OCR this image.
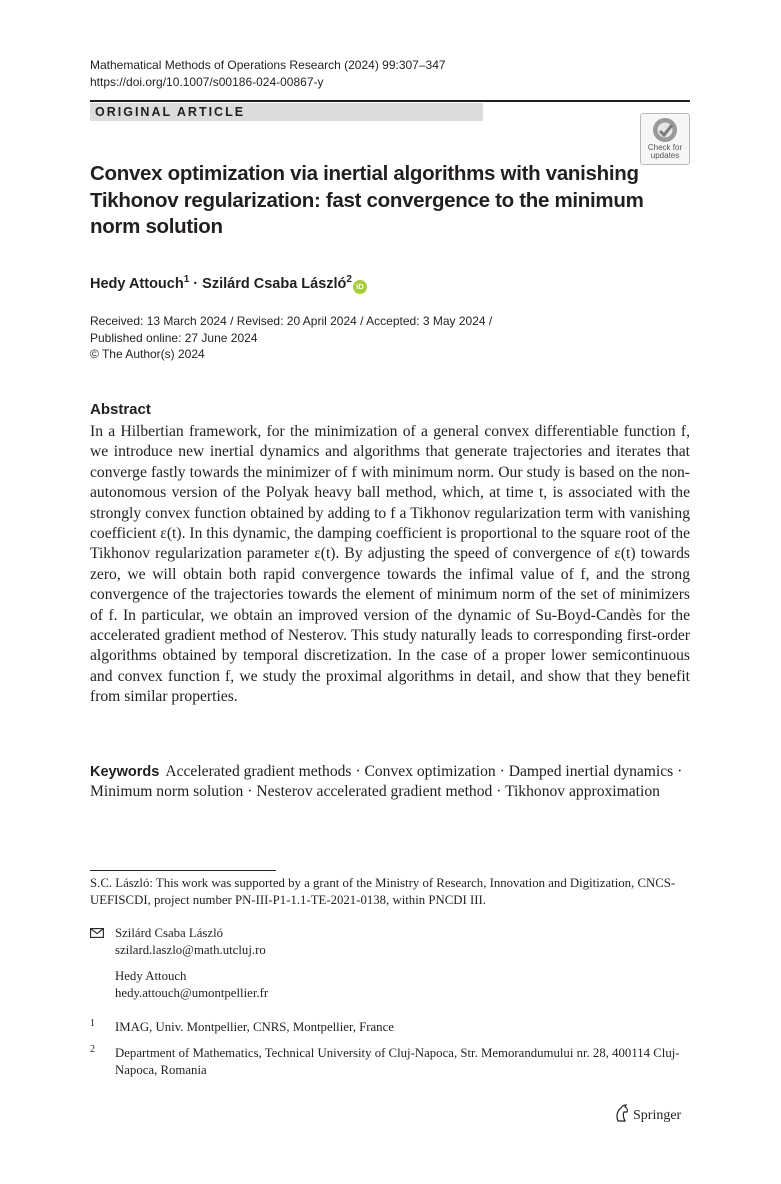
Mathematical Methods of Operations Research (2024) 99:307–347
https://doi.org/10.1007/s00186-024-00867-y
ORIGINAL ARTICLE
Check for
updates
Convex optimization via inertial algorithms with vanishing Tikhonov regularization: fast convergence to the minimum norm solution
Hedy Attouch$^1$ · Szilárd Csaba László$^2$iD
Received: 13 March 2024 / Revised: 20 April 2024 / Accepted: 3 May 2024 /
Published online: 27 June 2024
© The Author(s) 2024
Abstract
In a Hilbertian framework, for the minimization of a general convex differentiable function f, we introduce new inertial dynamics and algorithms that generate trajectories and iterates that converge fastly towards the minimizer of f with minimum norm. Our study is based on the non-autonomous version of the Polyak heavy ball method, which, at time t, is associated with the strongly convex function obtained by adding to f a Tikhonov regularization term with vanishing coefficient ε(t). In this dynamic, the damping coefficient is proportional to the square root of the Tikhonov regularization parameter ε(t). By adjusting the speed of convergence of ε(t) towards zero, we will obtain both rapid convergence towards the infimal value of f, and the strong convergence of the trajectories towards the element of minimum norm of the set of minimizers of f. In particular, we obtain an improved version of the dynamic of Su-Boyd-Candès for the accelerated gradient method of Nesterov. This study naturally leads to corresponding first-order algorithms obtained by temporal discretization. In the case of a proper lower semicontinuous and convex function f, we study the proximal algorithms in detail, and show that they benefit from similar properties.
Keywords Accelerated gradient methods · Convex optimization · Damped inertial dynamics · Minimum norm solution · Nesterov accelerated gradient method · Tikhonov approximation
S.C. László: This work was supported by a grant of the Ministry of Research, Innovation and Digitization, CNCS-UEFISCDI, project number PN-III-P1-1.1-TE-2021-0138, within PNCDI III.
Szilárd Csaba László
szilard.laszlo@math.utcluj.ro
Hedy Attouch
hedy.attouch@umontpellier.fr
1 IMAG, Univ. Montpellier, CNRS, Montpellier, France
2 Department of Mathematics, Technical University of Cluj-Napoca, Str. Memorandumului nr. 28, 400114 Cluj-Napoca, Romania
Springer
